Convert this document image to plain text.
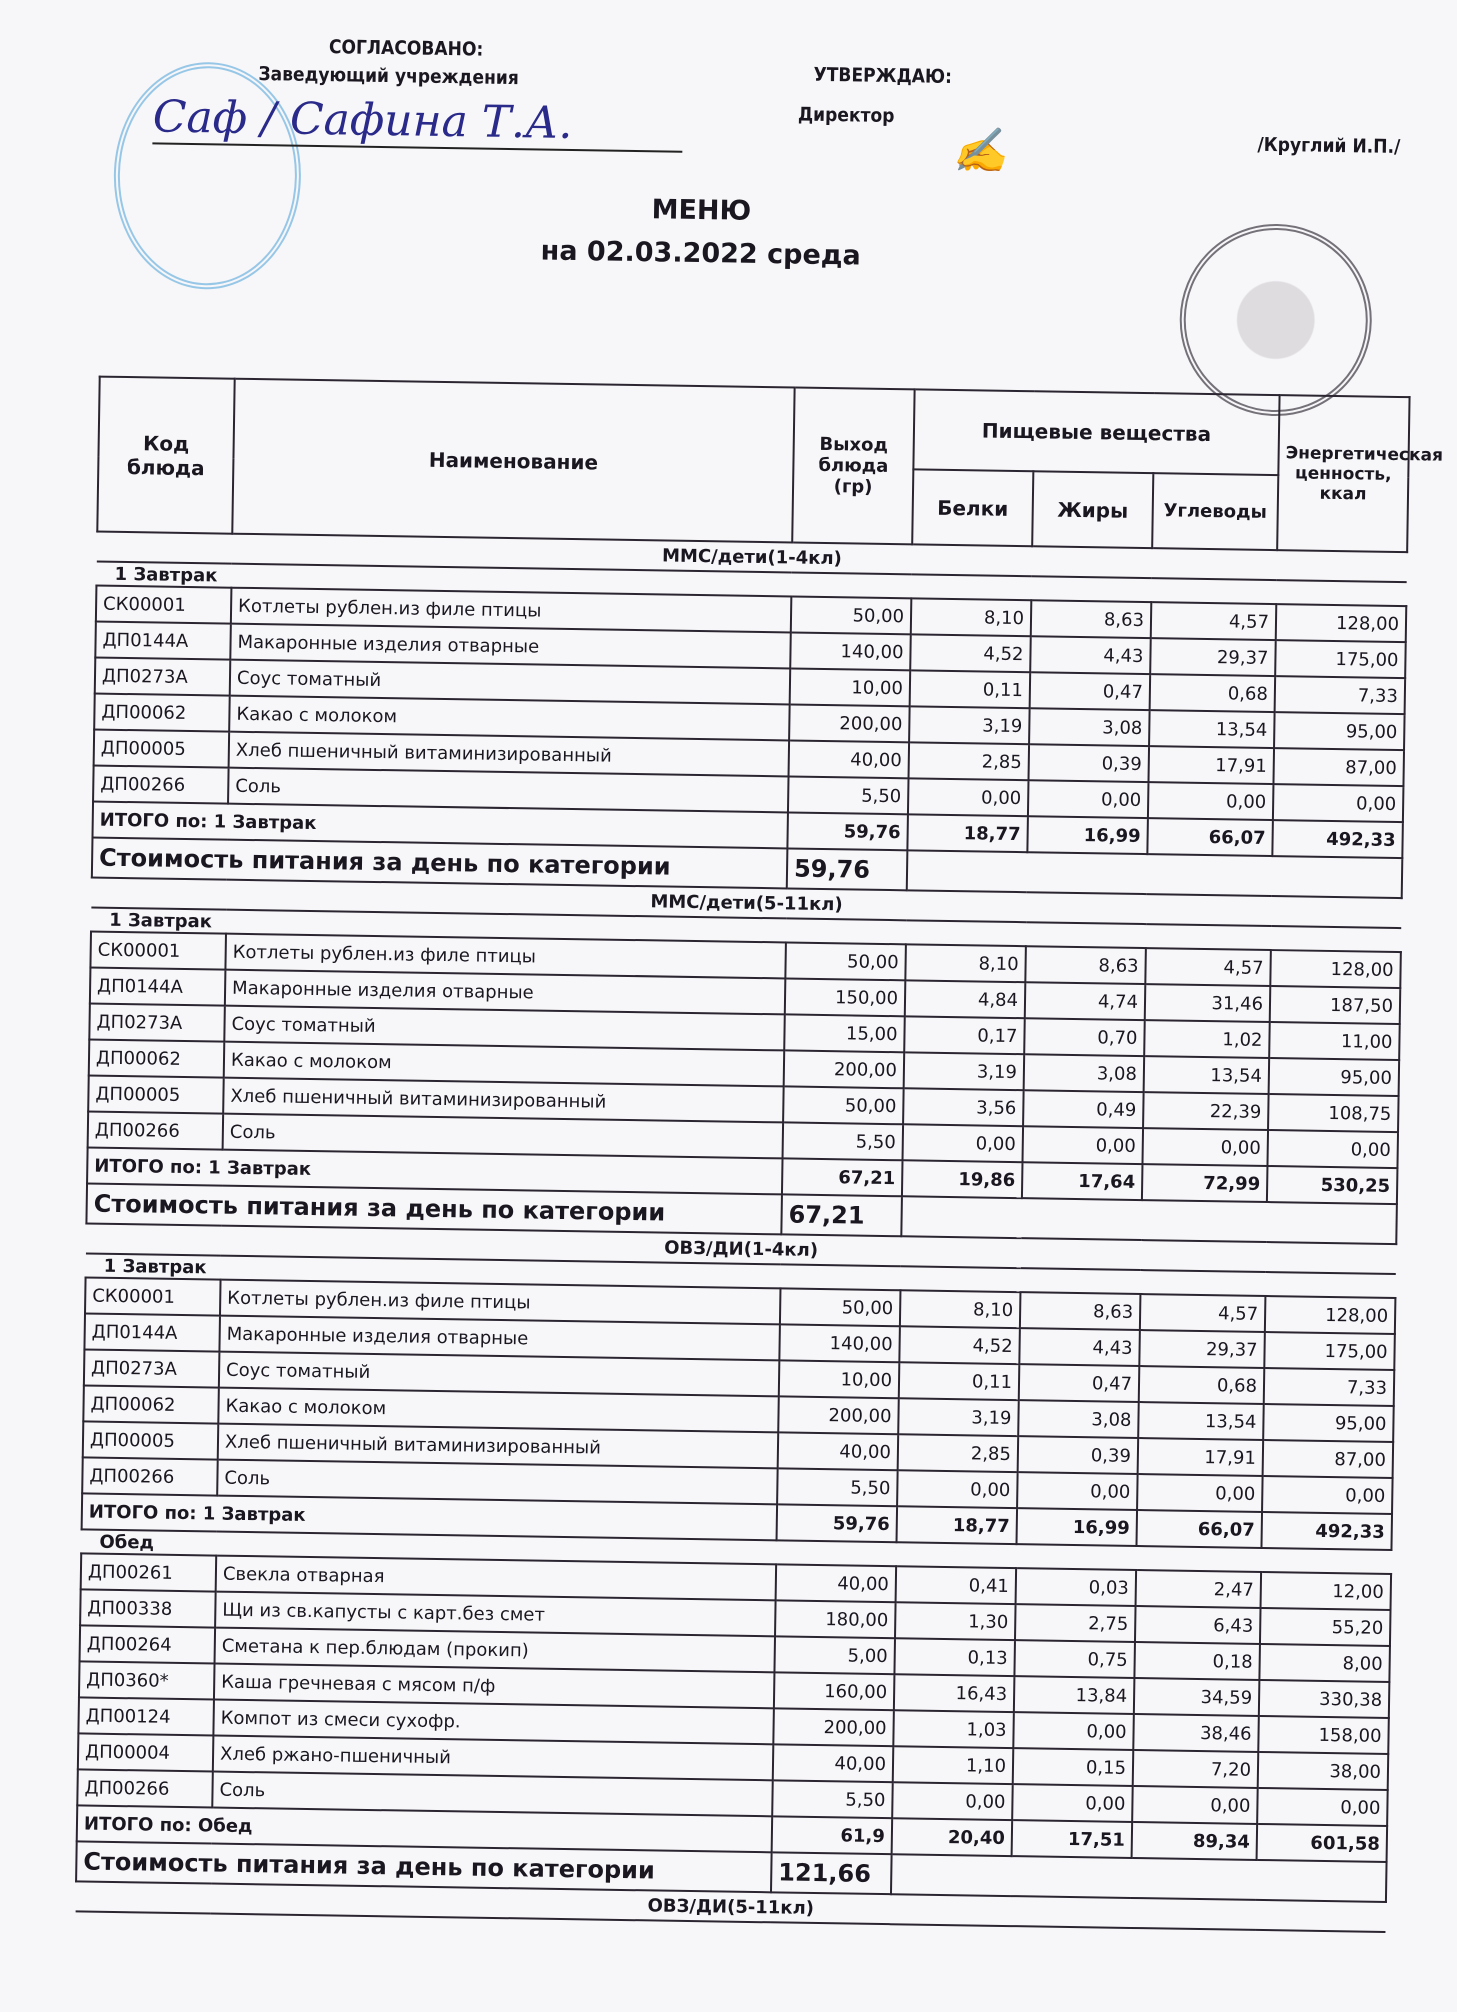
СОГЛАСОВАНО:
Заведующий учреждения
Саф / Сафина Т.А.
УТВЕРЖДАЮ:
Директор
✍	/Круглий И.П./
МЕНЮ
на 02.03.2022 среда
Код блюда	Наименование	Выход блюда (гр)	Пищевые вещества			Энергетическая ценность, ккал
			Белки	Жиры	Углеводы	
ММС/дети(1-4кл)						
1 Завтрак						
СК00001	Котлеты рублен.из филе птицы	50,00	8,10	8,63	4,57	128,00
ДП0144А	Макаронные изделия отварные	140,00	4,52	4,43	29,37	175,00
ДП0273А	Соус томатный	10,00	0,11	0,47	0,68	7,33
ДП00062	Какао с молоком	200,00	3,19	3,08	13,54	95,00
ДП00005	Хлеб пшеничный витаминизированный	40,00	2,85	0,39	17,91	87,00
ДП00266	Соль	5,50	0,00	0,00	0,00	0,00
ИТОГО по: 1 Завтрак		59,76	18,77	16,99	66,07	492,33
Стоимость питания за день по категории		59,76				
ММС/дети(5-11кл)						
1 Завтрак						
СК00001	Котлеты рублен.из филе птицы	50,00	8,10	8,63	4,57	128,00
ДП0144А	Макаронные изделия отварные	150,00	4,84	4,74	31,46	187,50
ДП0273А	Соус томатный	15,00	0,17	0,70	1,02	11,00
ДП00062	Какао с молоком	200,00	3,19	3,08	13,54	95,00
ДП00005	Хлеб пшеничный витаминизированный	50,00	3,56	0,49	22,39	108,75
ДП00266	Соль	5,50	0,00	0,00	0,00	0,00
ИТОГО по: 1 Завтрак		67,21	19,86	17,64	72,99	530,25
Стоимость питания за день по категории		67,21				
ОВЗ/ДИ(1-4кл)						
1 Завтрак						
СК00001	Котлеты рублен.из филе птицы	50,00	8,10	8,63	4,57	128,00
ДП0144А	Макаронные изделия отварные	140,00	4,52	4,43	29,37	175,00
ДП0273А	Соус томатный	10,00	0,11	0,47	0,68	7,33
ДП00062	Какао с молоком	200,00	3,19	3,08	13,54	95,00
ДП00005	Хлеб пшеничный витаминизированный	40,00	2,85	0,39	17,91	87,00
ДП00266	Соль	5,50	0,00	0,00	0,00	0,00
ИТОГО по: 1 Завтрак		59,76	18,77	16,99	66,07	492,33
Обед						
ДП00261	Свекла отварная	40,00	0,41	0,03	2,47	12,00
ДП00338	Щи из св.капусты с карт.без смет	180,00	1,30	2,75	6,43	55,20
ДП00264	Сметана к пер.блюдам (прокип)	5,00	0,13	0,75	0,18	8,00
ДП0360*	Каша гречневая с мясом п/ф	160,00	16,43	13,84	34,59	330,38
ДП00124	Компот из смеси сухофр.	200,00	1,03	0,00	38,46	158,00
ДП00004	Хлеб ржано-пшеничный	40,00	1,10	0,15	7,20	38,00
ДП00266	Соль	5,50	0,00	0,00	0,00	0,00
ИТОГО по: Обед		61,9	20,40	17,51	89,34	601,58
Стоимость питания за день по категории		121,66				
ОВЗ/ДИ(5-11кл)						
